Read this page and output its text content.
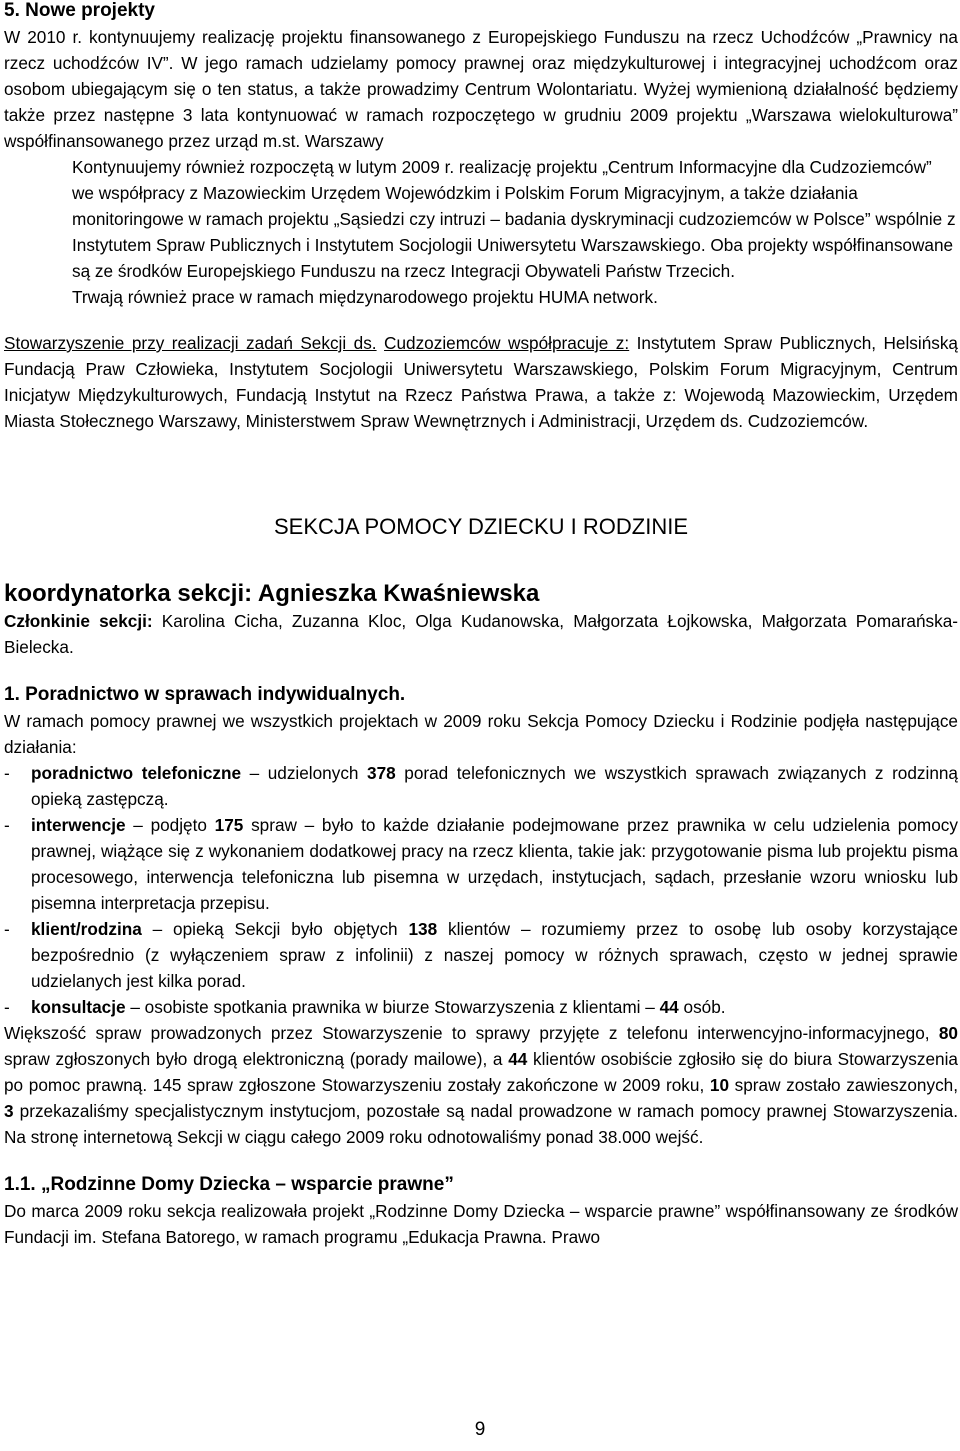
5. Nowe projekty

W 2010 r. kontynuujemy realizację projektu finansowanego z Europejskiego Funduszu na rzecz Uchodźców „Prawnicy na rzecz uchodźców IV”. W jego ramach udzielamy pomocy prawnej oraz międzykulturowej i integracyjnej uchodźcom oraz osobom ubiegającym się o ten status, a także prowadzimy Centrum Wolontariatu. Wyżej wymienioną działalność będziemy także przez następne 3 lata kontynuować w ramach rozpoczętego w grudniu 2009 projektu „Warszawa wielokulturowa” współfinansowanego przez urząd m.st. Warszawy

Kontynuujemy również rozpoczętą w lutym 2009 r. realizację projektu „Centrum Informacyjne dla Cudzoziemców” we współpracy z Mazowieckim Urzędem Wojewódzkim i Polskim Forum Migracyjnym, a także działania monitoringowe w ramach projektu „Sąsiedzi czy intruzi – badania dyskryminacji cudzoziemców w Polsce” wspólnie z Instytutem Spraw Publicznych i Instytutem Socjologii Uniwersytetu Warszawskiego. Oba projekty współfinansowane są ze środków Europejskiego Funduszu na rzecz Integracji Obywateli Państw Trzecich.

Trwają również prace w ramach międzynarodowego projektu HUMA network.

Stowarzyszenie przy realizacji zadań Sekcji ds. Cudzoziemców współpracuje z: Instytutem Spraw Publicznych, Helsińską Fundacją Praw Człowieka, Instytutem Socjologii Uniwersytetu Warszawskiego, Polskim Forum Migracyjnym, Centrum Inicjatyw Międzykulturowych, Fundacją Instytut na Rzecz Państwa Prawa, a także z: Wojewodą Mazowieckim, Urzędem Miasta Stołecznego Warszawy, Ministerstwem Spraw Wewnętrznych i Administracji, Urzędem ds. Cudzoziemców.

SEKCJA POMOCY DZIECKU I RODZINIE

koordynatorka sekcji: Agnieszka Kwaśniewska

Członkinie sekcji: Karolina Cicha, Zuzanna Kloc, Olga Kudanowska, Małgorzata Łojkowska, Małgorzata Pomarańska-Bielecka.

1. Poradnictwo w sprawach indywidualnych.

W ramach pomocy prawnej we wszystkich projektach w 2009 roku Sekcja Pomocy Dziecku i Rodzinie podjęła następujące działania:

- poradnictwo telefoniczne – udzielonych 378 porad telefonicznych we wszystkich sprawach związanych z rodzinną opieką zastępczą.
- interwencje – podjęto 175 spraw – było to każde działanie podejmowane przez prawnika w celu udzielenia pomocy prawnej, wiążące się z wykonaniem dodatkowej pracy na rzecz klienta, takie jak: przygotowanie pisma lub projektu pisma procesowego, interwencja telefoniczna lub pisemna w urzędach, instytucjach, sądach, przesłanie wzoru wniosku lub pisemna interpretacja przepisu.
- klient/rodzina – opieką Sekcji było objętych 138 klientów – rozumiemy przez to osobę lub osoby korzystające bezpośrednio (z wyłączeniem spraw z infolinii) z naszej pomocy w różnych sprawach, często w jednej sprawie udzielanych jest kilka porad.
- konsultacje – osobiste spotkania prawnika w biurze Stowarzyszenia z klientami – 44 osób.

Większość spraw prowadzonych przez Stowarzyszenie to sprawy przyjęte z telefonu interwencyjno-informacyjnego, 80 spraw zgłoszonych było drogą elektroniczną (porady mailowe), a 44 klientów osobiście zgłosiło się do biura Stowarzyszenia po pomoc prawną. 145 spraw zgłoszone Stowarzyszeniu zostały zakończone w 2009 roku, 10 spraw zostało zawieszonych, 3 przekazaliśmy specjalistycznym instytucjom, pozostałe są nadal prowadzone w ramach pomocy prawnej Stowarzyszenia. Na stronę internetową Sekcji w ciągu całego 2009 roku odnotowaliśmy ponad 38.000 wejść.

1.1. „Rodzinne Domy Dziecka – wsparcie prawne”

Do marca 2009 roku sekcja realizowała projekt „Rodzinne Domy Dziecka – wsparcie prawne” współfinansowany ze środków Fundacji im. Stefana Batorego, w ramach programu „Edukacja Prawna. Prawo

9
